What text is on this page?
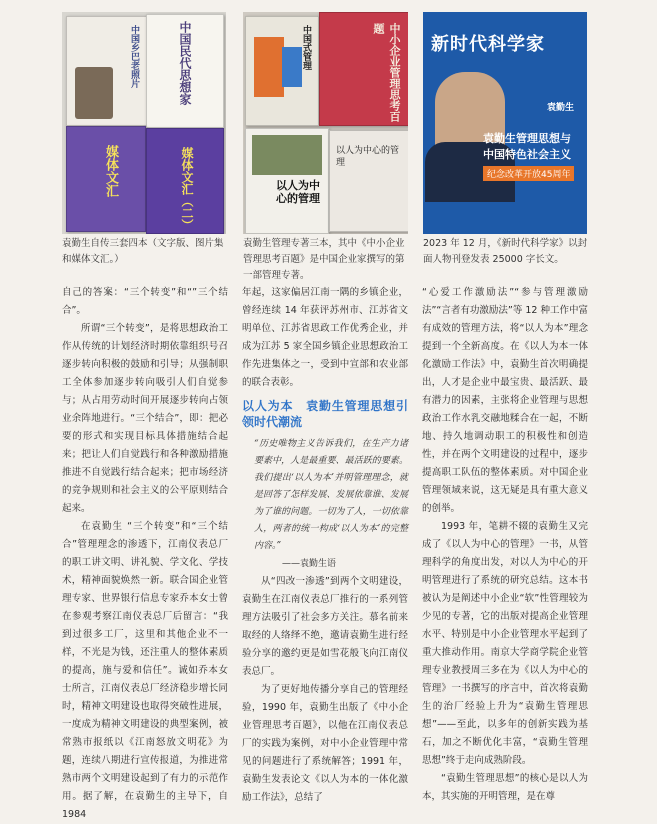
中国乡巴老照片	中国民代思想家
媒体文汇	媒体文汇（二）
中国式管理	中小企业管理思考百题
以人为中心的管理
以人为中心的管理
新时代科学家
袁勤生
袁勤生管理思想与
中国特色社会主义
纪念改革开放45周年
袁勤生自传三套四本（文字版、图片集和媒体文汇。）
袁勤生管理专著三本，其中《中小企业管理思考百题》是中国企业家撰写的第一部管理专著。
2023 年 12 月，《新时代科学家》以封面人物刊登发表 25000 字长文。

自己的答案：“三个转变”和“”三个结合”。

所谓“三个转变”，是将思想政治工作从传统的计划经济时期依靠组织号召逐步转向积极的鼓励和引导；从强制职工全体参加逐步转向吸引人们自觉参与；从占用劳动时间开展逐步转向占领业余阵地进行。“三个结合”，即：把必要的形式和实现目标具体措施结合起来；把让人们自觉践行和各种激励措施推进不自觉践行结合起来；把市场经济的竞争规则和社会主义的公平原则结合起来。

在袁勤生 “三个转变”和“三个结合”管理理念的渗透下，江南仪表总厂的职工讲文明、讲礼貌、学文化、学技术，精神面貌焕然一新。联合国企业管理专家、世界银行信息专家乔本女士曾在参观考察江南仪表总厂后留言：“我到过很多工厂，这里和其他企业不一样，不光是为钱，还注重人的整体素质的提高，施与爱和信任”。诚如乔本女士所言，江南仪表总厂经济稳步增长同时，精神文明建设也取得突破性进展，一度成为精神文明建设的典型案例，被常熟市报纸以《江南怒放文明花》为题，连续八期进行宣传报道，为推进常熟市两个文明建设起到了有力的示范作用。据了解，在袁勤生的主导下，自 1984

年起，这家偏居江南一隅的乡镇企业，曾经连续 14 年获评苏州市、江苏省文明单位、江苏省思政工作优秀企业，并成为江苏 5 家全国乡镇企业思想政治工作先进集体之一，受到中宣部和农业部的联合表彰。

以人为本　袁勤生管理思想引领时代潮流
“历史唯物主义告诉我们，在生产力诸要素中，人是最重要、最活跃的要素。我们提出‘以人为本’并明管理理念，就是回答了怎样发展、发展依靠谁、发展为了谁的问题。一切为了人，一切依靠人，两者的统一构成‘以人为本’的完整内容。”
——袁勤生语

从“四改一渗透”到两个文明建设，袁勤生在江南仪表总厂推行的一系列管理方法吸引了社会多方关注。慕名前来取经的人络绎不绝，邀请袁勤生进行经验分享的邀约更是如雪花般飞向江南仪表总厂。

为了更好地传播分享自己的管理经验，1990 年，袁勤生出版了《中小企业管理思考百题》，以他在江南仪表总厂的实践为案例，对中小企业管理中常见的问题进行了系统解答；1991 年，袁勤生发表论文《以人为本的一体化激励工作法》，总结了

“心爱工作激励法”“参与管理激励法”“言者有功激励法”等 12 种工作中富有成效的管理方法，将“以人为本”理念提到一个全新高度。在《以人为本一体化激励工作法》中，袁勤生首次明确提出，人才是企业中最宝贵、最活跃、最有潜力的因素，主张将企业管理与思想政治工作水乳交融地糅合在一起，不断地、持久地调动职工的积极性和创造性，并在两个文明建设的过程中，逐步提高职工队伍的整体素质。对中国企业管理领域来说，这无疑是具有重大意义的创举。

1993 年，笔耕不辍的袁勤生又完成了《以人为中心的管理》一书，从管理科学的角度出发，对以人为中心的开明管理进行了系统的研究总结。这本书被认为是阐述中小企业“软”性管理较为少见的专著，它的出版对提高企业管理水平、特别是中小企业管理水平起到了重大推动作用。南京大学商学院企业管理专业教授周三多在为《以人为中心的管理》一书撰写的序言中，首次将袁勤生的治厂经验上升为“袁勤生管理思想”——至此，以多年的创新实践为基石，加之不断优化丰富，“袁勤生管理思想”终于走向成熟阶段。

“袁勤生管理思想”的核心是以人为本，其实施的开明管理，是在尊
